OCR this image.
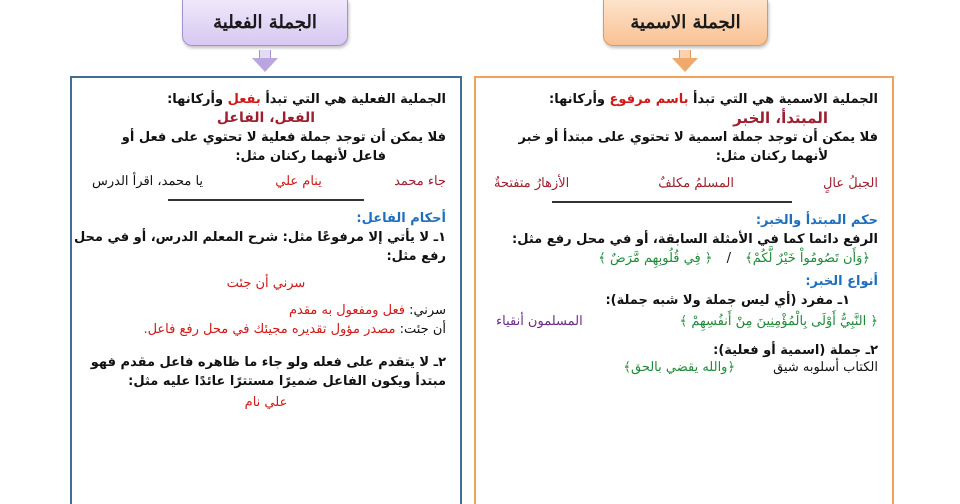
الجملة الفعلية	الجملة الاسمية
الجملية الاسمية هي التي تبدأ باسم مرفوع وأركانها:
المبتدأ، الخبر
فلا يمكن أن توجد جملة اسمية لا تحتوي على مبتدأ أو خبر
لأنهما ركنان مثل:
الجبلُ عالٍ
المسلمُ مكلفٌ
الأزهارُ متفتحةٌ
حكم المبتدأ والخبر:
الرفع دائما كما في الأمثلة السابقة، أو في محل رفع مثل:
﴿وَأَن تَصُومُواْ خَيْرٌ لَّكُمْ﴾ / ﴿ فِي قُلُوبِهِم مَّرَضٌ ﴾
أنواع الخبر:
١ـ مفرد (أي ليس جملة ولا شبه جملة):
﴿ النَّبِيُّ أَوْلَى بِالْمُؤْمِنِينَ مِنْ أَنفُسِهِمْ ﴾
المسلمون أنقياء
٢ـ جملة (اسمية أو فعلية):
الكتاب أسلوبه شيق
﴿والله يقضي بالحق﴾
الجملية الفعلية هي التي تبدأ بفعل وأركانها:
الفعل، الفاعل
فلا يمكن أن توجد جملة فعلية لا تحتوي على فعل أو
فاعل لأنهما ركنان مثل:
جاء محمد
ينام علي
يا محمد، اقرأ الدرس
أحكام الفاعل:
١ـ لا يأتي إلا مرفوعًا مثل: شرح المعلم الدرس، أو في محل
رفع مثل:
سرني أن جئت
سرني: فعل ومفعول به مقدم
أن جئت: مصدر مؤول تقديره مجيئك في محل رفع فاعل.
٢ـ لا يتقدم على فعله ولو جاء ما ظاهره فاعل مقدم فهو
مبتدأ ويكون الفاعل ضميرًا مستترًا عائدًا عليه مثل:
علي نام
